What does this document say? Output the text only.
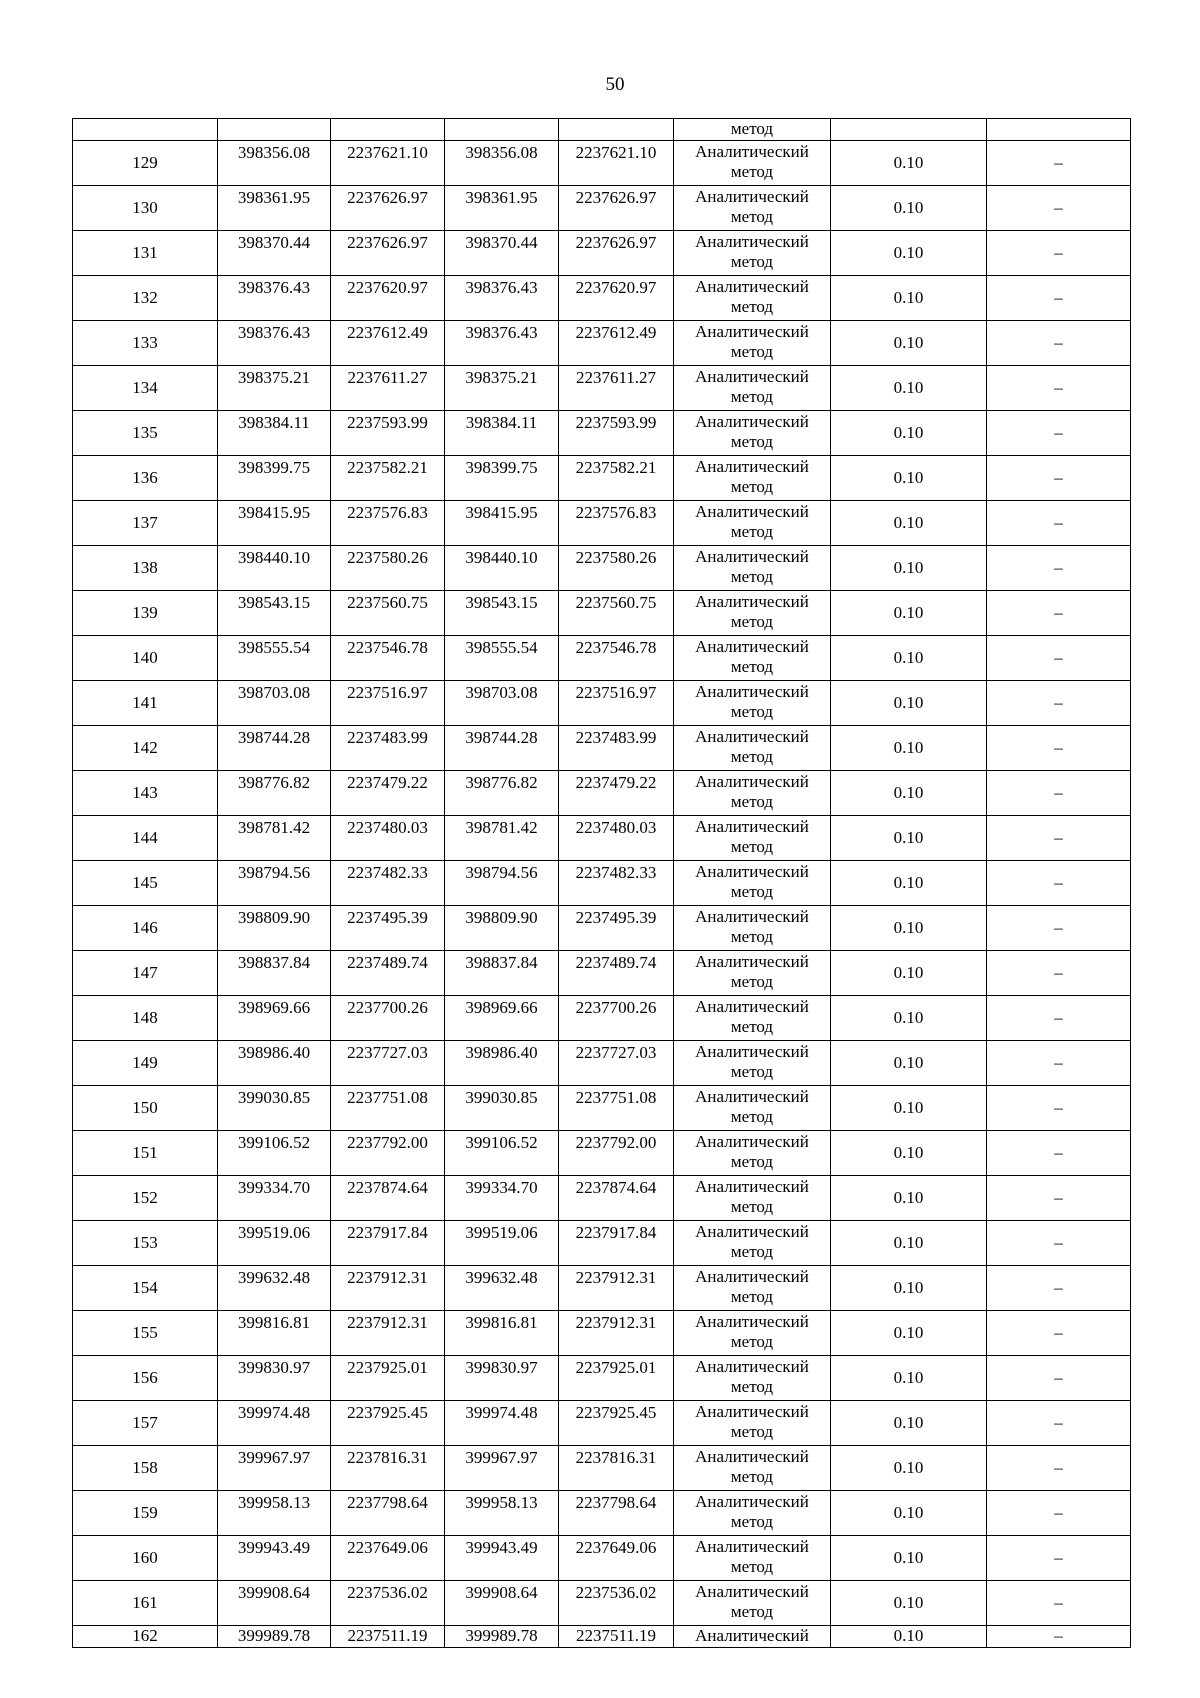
50
					метод		
129	398356.08	2237621.10	398356.08	2237621.10	Аналитический
метод	0.10	–
130	398361.95	2237626.97	398361.95	2237626.97	Аналитический
метод	0.10	–
131	398370.44	2237626.97	398370.44	2237626.97	Аналитический
метод	0.10	–
132	398376.43	2237620.97	398376.43	2237620.97	Аналитический
метод	0.10	–
133	398376.43	2237612.49	398376.43	2237612.49	Аналитический
метод	0.10	–
134	398375.21	2237611.27	398375.21	2237611.27	Аналитический
метод	0.10	–
135	398384.11	2237593.99	398384.11	2237593.99	Аналитический
метод	0.10	–
136	398399.75	2237582.21	398399.75	2237582.21	Аналитический
метод	0.10	–
137	398415.95	2237576.83	398415.95	2237576.83	Аналитический
метод	0.10	–
138	398440.10	2237580.26	398440.10	2237580.26	Аналитический
метод	0.10	–
139	398543.15	2237560.75	398543.15	2237560.75	Аналитический
метод	0.10	–
140	398555.54	2237546.78	398555.54	2237546.78	Аналитический
метод	0.10	–
141	398703.08	2237516.97	398703.08	2237516.97	Аналитический
метод	0.10	–
142	398744.28	2237483.99	398744.28	2237483.99	Аналитический
метод	0.10	–
143	398776.82	2237479.22	398776.82	2237479.22	Аналитический
метод	0.10	–
144	398781.42	2237480.03	398781.42	2237480.03	Аналитический
метод	0.10	–
145	398794.56	2237482.33	398794.56	2237482.33	Аналитический
метод	0.10	–
146	398809.90	2237495.39	398809.90	2237495.39	Аналитический
метод	0.10	–
147	398837.84	2237489.74	398837.84	2237489.74	Аналитический
метод	0.10	–
148	398969.66	2237700.26	398969.66	2237700.26	Аналитический
метод	0.10	–
149	398986.40	2237727.03	398986.40	2237727.03	Аналитический
метод	0.10	–
150	399030.85	2237751.08	399030.85	2237751.08	Аналитический
метод	0.10	–
151	399106.52	2237792.00	399106.52	2237792.00	Аналитический
метод	0.10	–
152	399334.70	2237874.64	399334.70	2237874.64	Аналитический
метод	0.10	–
153	399519.06	2237917.84	399519.06	2237917.84	Аналитический
метод	0.10	–
154	399632.48	2237912.31	399632.48	2237912.31	Аналитический
метод	0.10	–
155	399816.81	2237912.31	399816.81	2237912.31	Аналитический
метод	0.10	–
156	399830.97	2237925.01	399830.97	2237925.01	Аналитический
метод	0.10	–
157	399974.48	2237925.45	399974.48	2237925.45	Аналитический
метод	0.10	–
158	399967.97	2237816.31	399967.97	2237816.31	Аналитический
метод	0.10	–
159	399958.13	2237798.64	399958.13	2237798.64	Аналитический
метод	0.10	–
160	399943.49	2237649.06	399943.49	2237649.06	Аналитический
метод	0.10	–
161	399908.64	2237536.02	399908.64	2237536.02	Аналитический
метод	0.10	–
162	399989.78	2237511.19	399989.78	2237511.19	Аналитический	0.10	–
